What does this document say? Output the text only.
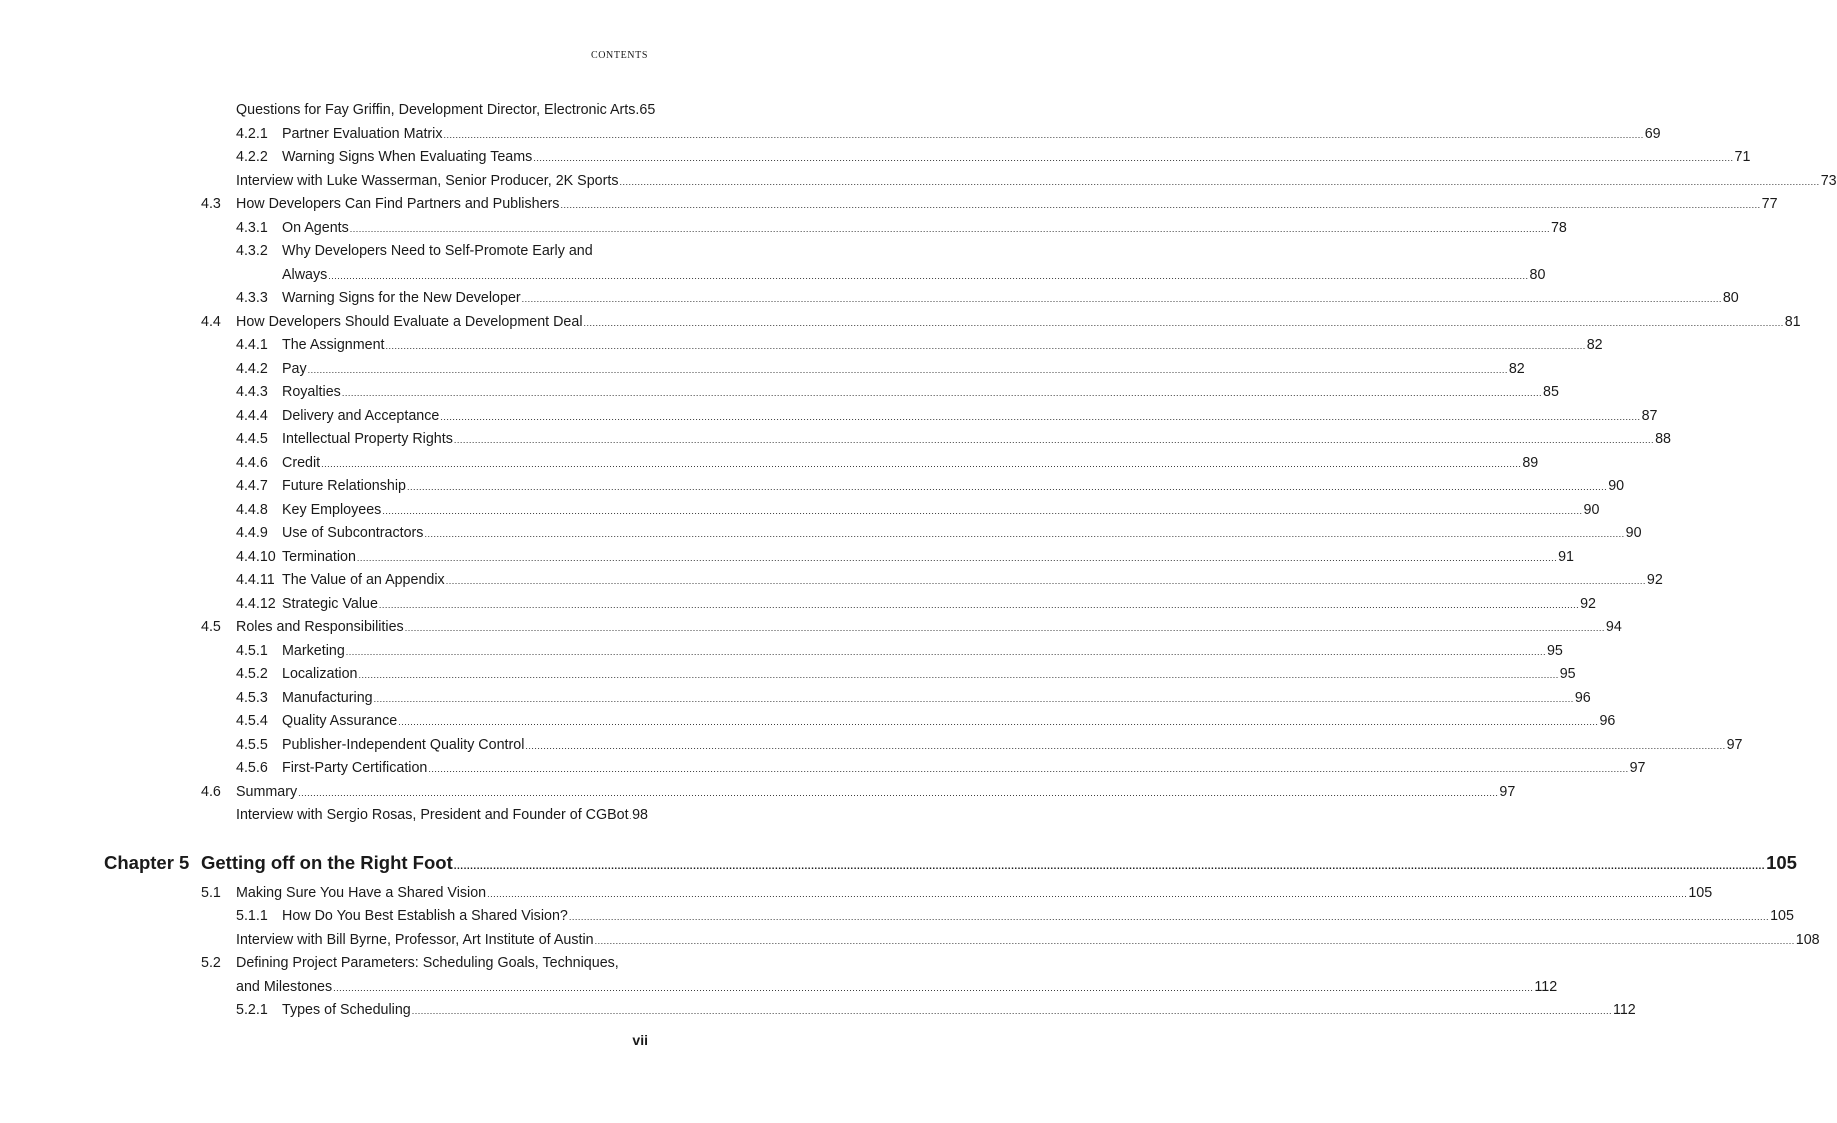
CONTENTS
Questions for Fay Griffin, Development Director, Electronic Arts .65
4.2.1 Partner Evaluation Matrix ................................................................................................................................................................................................................................................................................................................................................................................................................ 69
4.2.2 Warning Signs When Evaluating Teams ................................................................................................................................................................................................................................................................................................................................................................................................................ 71
Interview with Luke Wasserman, Senior Producer, 2K Sports ................................................................................................................................................................................................................................................................................................................................................................................................................ 73
4.3 How Developers Can Find Partners and Publishers ................................................................................................................................................................................................................................................................................................................................................................................................................ 77
4.3.1 On Agents ................................................................................................................................................................................................................................................................................................................................................................................................................ 78
4.3.2 Why Developers Need to Self-Promote Early and
Always ................................................................................................................................................................................................................................................................................................................................................................................................................ 80
4.3.3 Warning Signs for the New Developer ................................................................................................................................................................................................................................................................................................................................................................................................................ 80
4.4 How Developers Should Evaluate a Development Deal ................................................................................................................................................................................................................................................................................................................................................................................................................ 81
4.4.1 The Assignment ................................................................................................................................................................................................................................................................................................................................................................................................................ 82
4.4.2 Pay ................................................................................................................................................................................................................................................................................................................................................................................................................ 82
4.4.3 Royalties ................................................................................................................................................................................................................................................................................................................................................................................................................ 85
4.4.4 Delivery and Acceptance ................................................................................................................................................................................................................................................................................................................................................................................................................ 87
4.4.5 Intellectual Property Rights ................................................................................................................................................................................................................................................................................................................................................................................................................ 88
4.4.6 Credit ................................................................................................................................................................................................................................................................................................................................................................................................................ 89
4.4.7 Future Relationship ................................................................................................................................................................................................................................................................................................................................................................................................................ 90
4.4.8 Key Employees ................................................................................................................................................................................................................................................................................................................................................................................................................ 90
4.4.9 Use of Subcontractors ................................................................................................................................................................................................................................................................................................................................................................................................................ 90
4.4.10 Termination ................................................................................................................................................................................................................................................................................................................................................................................................................ 91
4.4.11 The Value of an Appendix ................................................................................................................................................................................................................................................................................................................................................................................................................ 92
4.4.12 Strategic Value ................................................................................................................................................................................................................................................................................................................................................................................................................ 92
4.5 Roles and Responsibilities ................................................................................................................................................................................................................................................................................................................................................................................................................ 94
4.5.1 Marketing ................................................................................................................................................................................................................................................................................................................................................................................................................ 95
4.5.2 Localization ................................................................................................................................................................................................................................................................................................................................................................................................................ 95
4.5.3 Manufacturing ................................................................................................................................................................................................................................................................................................................................................................................................................ 96
4.5.4 Quality Assurance ................................................................................................................................................................................................................................................................................................................................................................................................................ 96
4.5.5 Publisher-Independent Quality Control ................................................................................................................................................................................................................................................................................................................................................................................................................ 97
4.5.6 First-Party Certification ................................................................................................................................................................................................................................................................................................................................................................................................................ 97
4.6 Summary ................................................................................................................................................................................................................................................................................................................................................................................................................ 97
Interview with Sergio Rosas, President and Founder of CGBot 98
Chapter 5 Getting off on the Right Foot ................................................................................................................................................................................................................................................................................................................................................................................................................ 105
5.1 Making Sure You Have a Shared Vision ................................................................................................................................................................................................................................................................................................................................................................................................................ 105
5.1.1 How Do You Best Establish a Shared Vision? ................................................................................................................................................................................................................................................................................................................................................................................................................ 105
Interview with Bill Byrne, Professor, Art Institute of Austin ................................................................................................................................................................................................................................................................................................................................................................................................................ 108
5.2 Defining Project Parameters: Scheduling Goals, Techniques,
and Milestones ................................................................................................................................................................................................................................................................................................................................................................................................................ 112
5.2.1 Types of Scheduling ................................................................................................................................................................................................................................................................................................................................................................................................................ 112
vii
